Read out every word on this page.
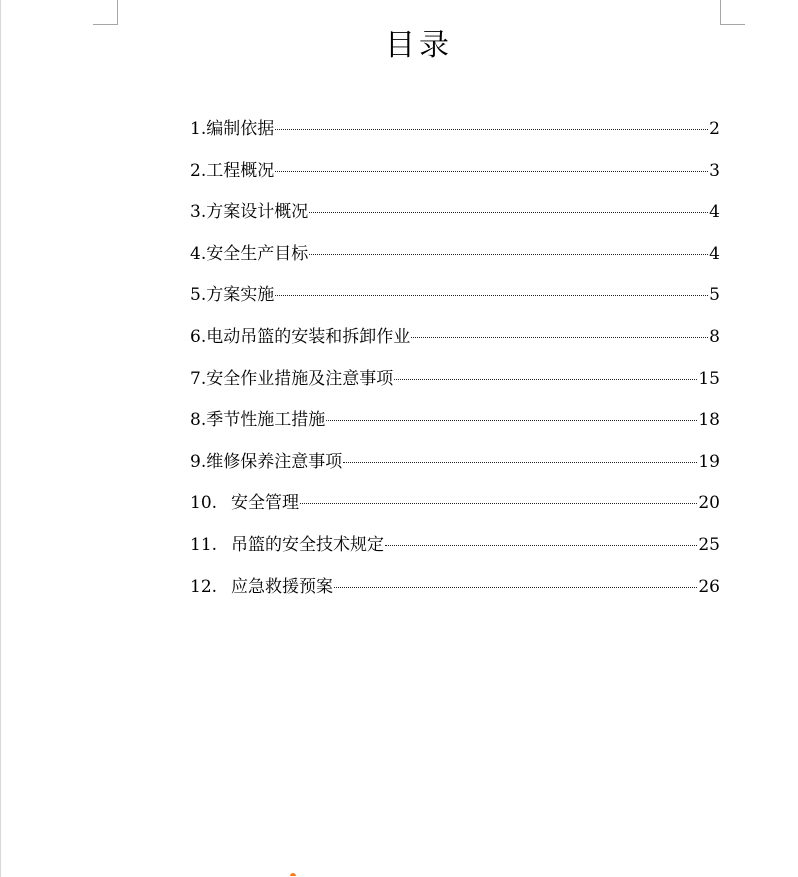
目录
1. 编制依据	2
2. 工程概况	3
3. 方案设计概况	4
4. 安全生产目标	4
5. 方案实施	5
6. 电动吊篮的安装和拆卸作业	8
7. 安全作业措施及注意事项	15
8. 季节性施工措施	18
9. 维修保养注意事项	19
10. 安全管理	20
11. 吊篮的安全技术规定	25
12. 应急救援预案	26
